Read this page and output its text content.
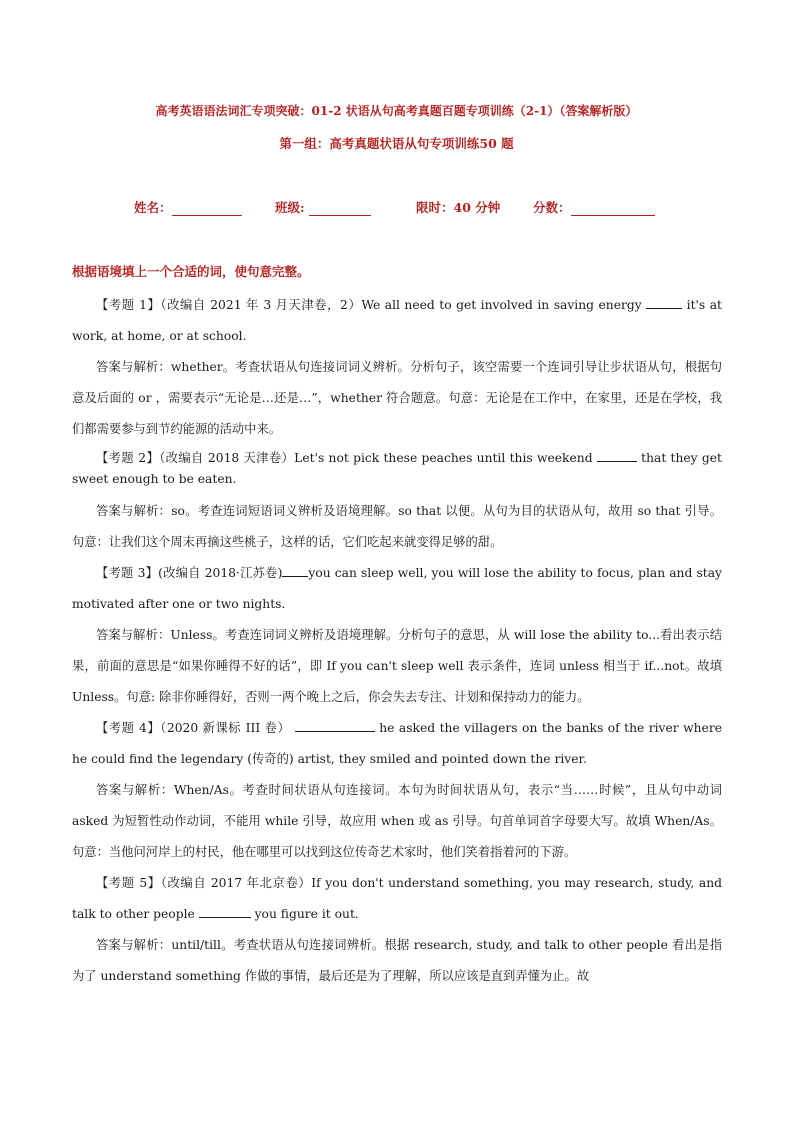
高考英语语法词汇专项突破：01-2 状语从句高考真题百题专项训练（2-1）（答案解析版）
第一组：高考真题状语从句专项训练50 题
姓名：	班级:	限时：40 分钟	分数：
根据语境填上一个合适的词，使句意完整。

【考题 1】（改编自 2021 年 3 月天津卷，2）We all need to get involved in saving energy	it's at work, at home, or at school.

答案与解析：whether。考查状语从句连接词词义辨析。分析句子，该空需要一个连词引导让步状语从句，根据句意及后面的 or ，需要表示“无论是…还是…”，whether 符合题意。句意：无论是在工作中，在家里，还是在学校，我们都需要参与到节约能源的活动中来。

【考题 2】（改编自 2018 天津卷）Let's not pick these peaches until this weekend	that they get sweet enough to be eaten.

答案与解析：so。考查连词短语词义辨析及语境理解。so that 以便。从句为目的状语从句，故用 so that 引导。句意：让我们这个周末再摘这些桃子，这样的话，它们吃起来就变得足够的甜。

【考题 3】(改编自 2018·江苏卷) you can sleep well, you will lose the ability to focus, plan and stay motivated after one or two nights.

答案与解析：Unless。考查连词词义辨析及语境理解。分析句子的意思，从 will lose the ability to...看出表示结果，前面的意思是“如果你睡得不好的话”，即 If you can't sleep well 表示条件，连词 unless 相当于 if...not。故填 Unless。句意: 除非你睡得好，否则一两个晚上之后，你会失去专注、计划和保持动力的能力。

【考题 4】（2020 新课标 III 卷）	he asked the villagers on the banks of the river where he could find the legendary (传奇的) artist, they smiled and pointed down the river.

答案与解析：When/As。考查时间状语从句连接词。本句为时间状语从句，表示“当……时候”，且从句中动词 asked 为短暂性动作动词，不能用 while 引导，故应用 when 或 as 引导。句首单词首字母要大写。故填 When/As。句意：当他问河岸上的村民，他在哪里可以找到这位传奇艺术家时，他们笑着指着河的下游。

【考题 5】（改编自 2017 年北京卷）If you don't understand something, you may research, study, and talk to other people	you figure it out.

答案与解析：until/till。考查状语从句连接词辨析。根据 research, study, and talk to other people 看出是指为了 understand something 作做的事情，最后还是为了理解，所以应该是直到弄懂为止。故
